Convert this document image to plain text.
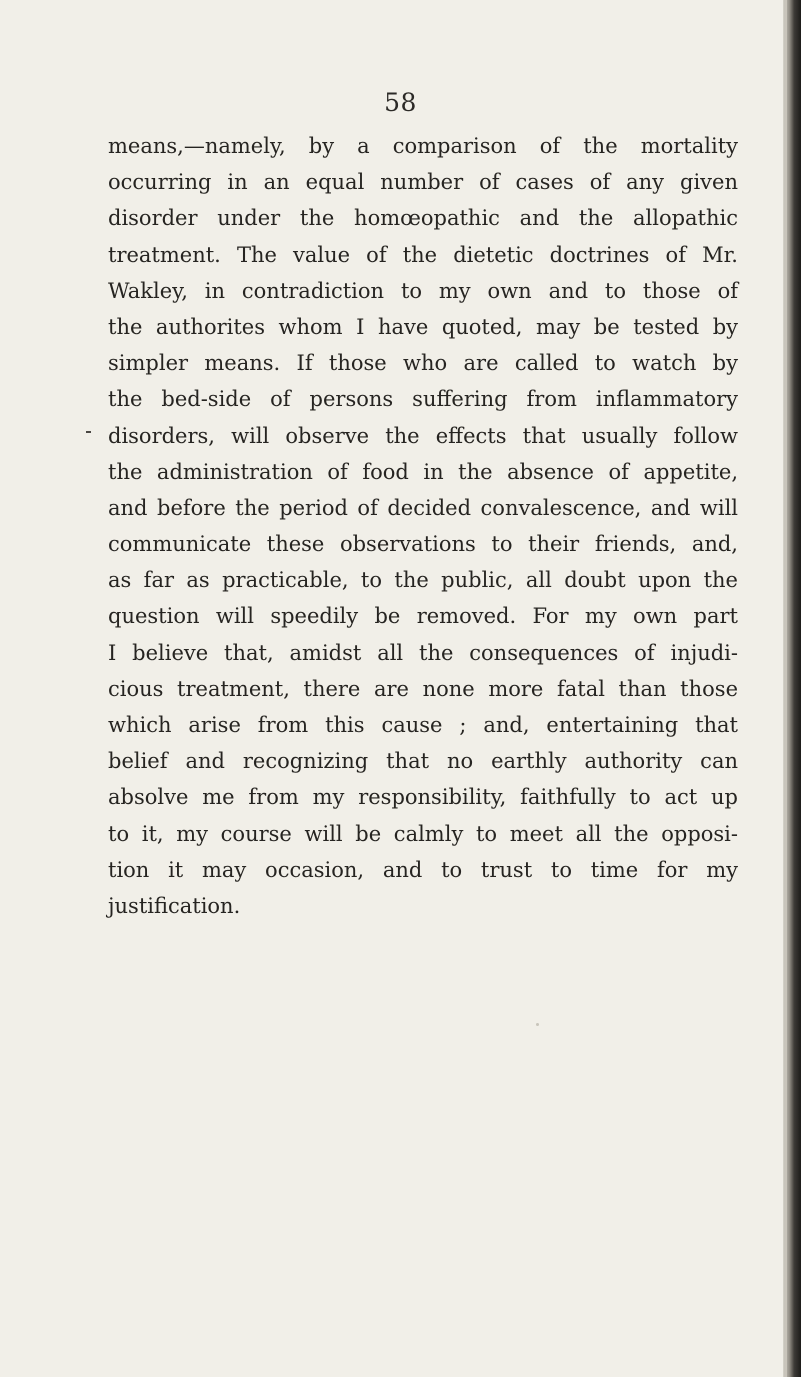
58
means,—namely, by a comparison of the mortality
occurring in an equal number of cases of any given
disorder under the homœopathic and the allopathic
treatment. The value of the dietetic doctrines of Mr.
Wakley, in contradiction to my own and to those of
the authorites whom I have quoted, may be tested by
simpler means. If those who are called to watch by
the bed-side of persons suffering from inflammatory
disorders, will observe the effects that usually follow
the administration of food in the absence of appetite,
and before the period of decided convalescence, and will
communicate these observations to their friends, and,
as far as practicable, to the public, all doubt upon the
question will speedily be removed. For my own part
I believe that, amidst all the consequences of injudi-
cious treatment, there are none more fatal than those
which arise from this cause ; and, entertaining that
belief and recognizing that no earthly authority can
absolve me from my responsibility, faithfully to act up
to it, my course will be calmly to meet all the opposi-
tion it may occasion, and to trust to time for my
justification.
